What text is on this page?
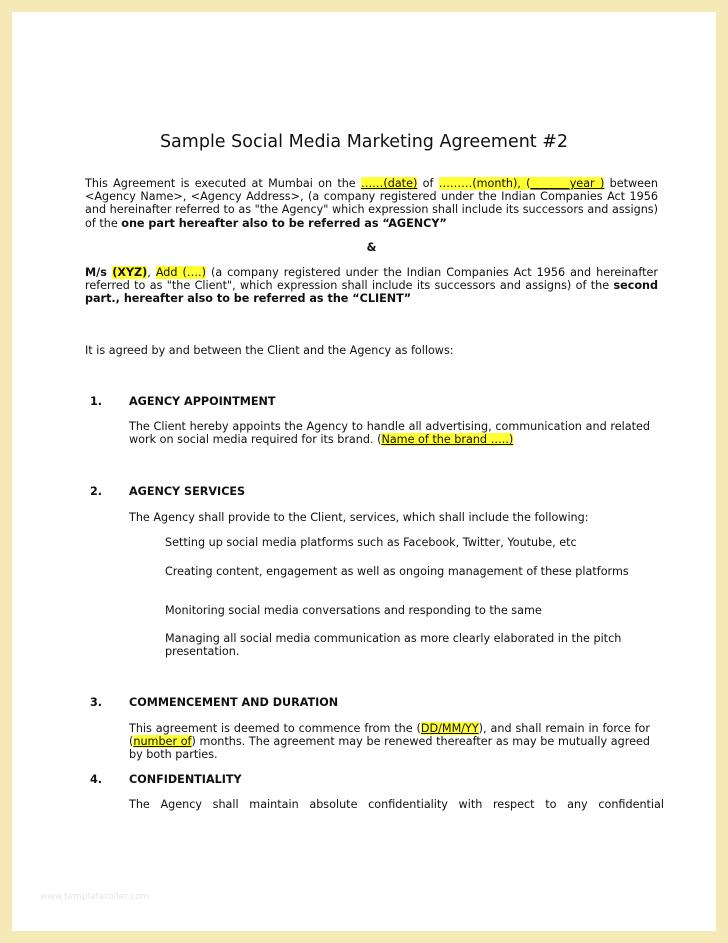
Sample Social Media Marketing Agreement #2

This Agreement is executed at Mumbai on the ……(date) of ………(month), (_______year ) between <Agency Name>, <Agency Address>, (a company registered under the Indian Companies Act 1956 and hereinafter referred to as "the Agency" which expression shall include its successors and assigns) of the one part hereafter also to be referred as “AGENCY”

&

M/s (XYZ), Add (….) (a company registered under the Indian Companies Act 1956 and hereinafter referred to as "the Client", which expression shall include its successors and assigns) of the second part., hereafter also to be referred as the “CLIENT”

It is agreed by and between the Client and the Agency as follows:

1. AGENCY APPOINTMENT

The Client hereby appoints the Agency to handle all advertising, communication and related work on social media required for its brand. (Name of the brand …..)

2. AGENCY SERVICES

The Agency shall provide to the Client, services, which shall include the following:

Setting up social media platforms such as Facebook, Twitter, Youtube, etc

Creating content, engagement as well as ongoing management of these platforms

Monitoring social media conversations and responding to the same

Managing all social media communication as more clearly elaborated in the pitch presentation.

3. COMMENCEMENT AND DURATION

This agreement is deemed to commence from the (DD/MM/YY), and shall remain in force for (number of) months. The agreement may be renewed thereafter as may be mutually agreed by both parties.

4. CONFIDENTIALITY

The Agency shall maintain absolute confidentiality with respect to any confidential

www.templateroller.com
